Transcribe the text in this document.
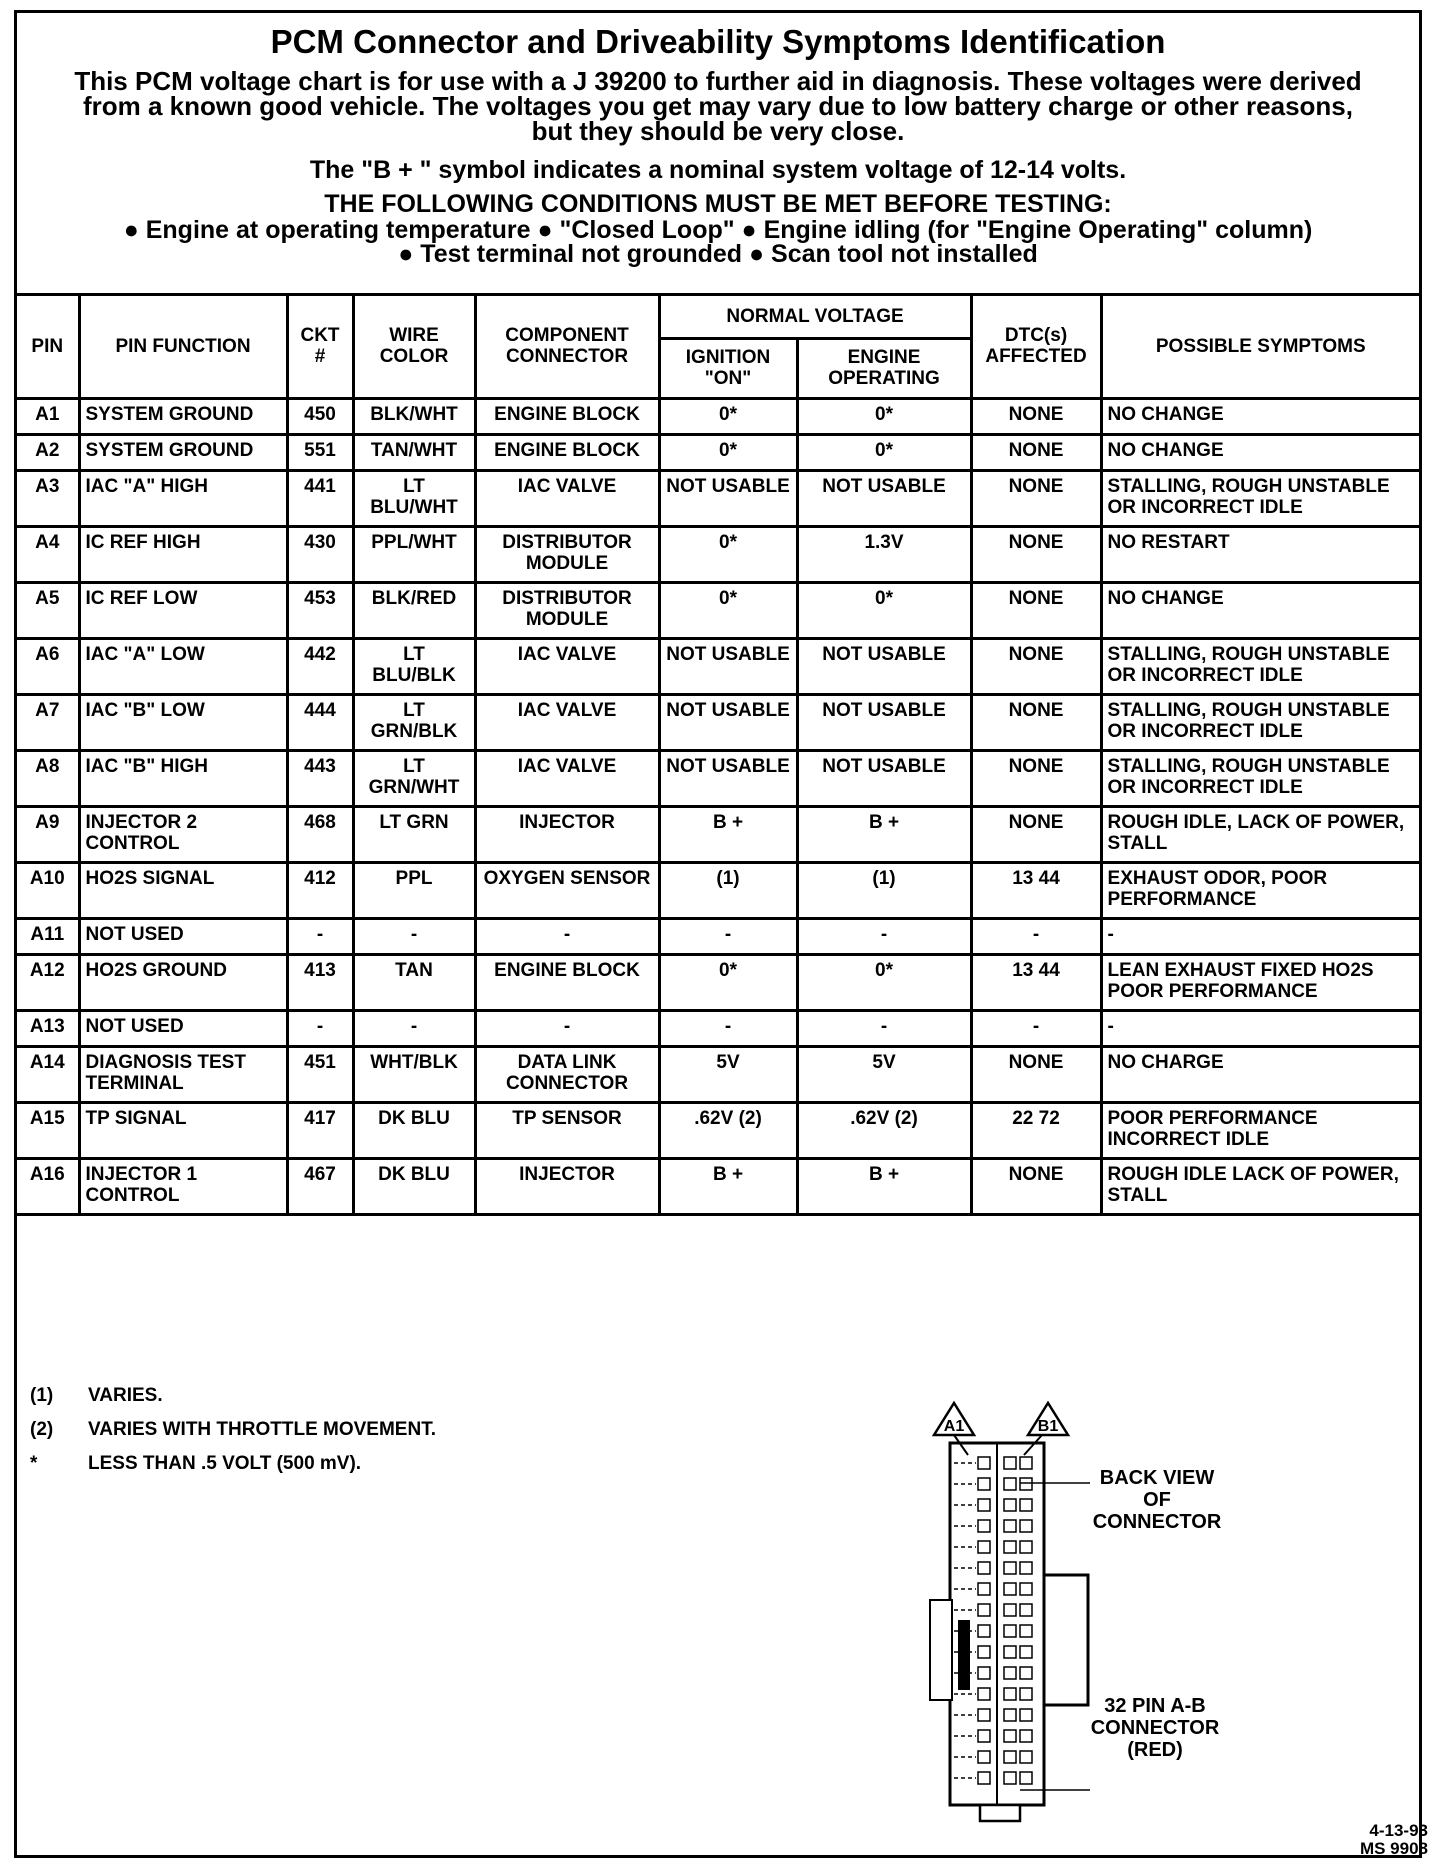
PCM Connector and Driveability Symptoms Identification
This PCM voltage chart is for use with a J 39200 to further aid in diagnosis. These voltages were derived
from a known good vehicle. The voltages you get may vary due to low battery charge or other reasons,
but they should be very close.
The "B + " symbol indicates a nominal system voltage of 12-14 volts.
THE FOLLOWING CONDITIONS MUST BE MET BEFORE TESTING:
● Engine at operating temperature ● "Closed Loop" ● Engine idling (for "Engine Operating" column)
● Test terminal not grounded ● Scan tool not installed
PIN	PIN FUNCTION	CKT #	WIRE COLOR	COMPONENT CONNECTOR	NORMAL VOLTAGE		DTC(s) AFFECTED	POSSIBLE SYMPTOMS
					IGNITION "ON"	ENGINE OPERATING		
A1	SYSTEM GROUND	450	BLK/WHT	ENGINE BLOCK	0*	0*	NONE	NO CHANGE
A2	SYSTEM GROUND	551	TAN/WHT	ENGINE BLOCK	0*	0*	NONE	NO CHANGE
A3	IAC "A" HIGH	441	LT BLU/WHT	IAC VALVE	NOT USABLE	NOT USABLE	NONE	STALLING, ROUGH UNSTABLE OR INCORRECT IDLE
A4	IC REF HIGH	430	PPL/WHT	DISTRIBUTOR MODULE	0*	1.3V	NONE	NO RESTART
A5	IC REF LOW	453	BLK/RED	DISTRIBUTOR MODULE	0*	0*	NONE	NO CHANGE
A6	IAC "A" LOW	442	LT BLU/BLK	IAC VALVE	NOT USABLE	NOT USABLE	NONE	STALLING, ROUGH UNSTABLE OR INCORRECT IDLE
A7	IAC "B" LOW	444	LT GRN/BLK	IAC VALVE	NOT USABLE	NOT USABLE	NONE	STALLING, ROUGH UNSTABLE OR INCORRECT IDLE
A8	IAC "B" HIGH	443	LT GRN/WHT	IAC VALVE	NOT USABLE	NOT USABLE	NONE	STALLING, ROUGH UNSTABLE OR INCORRECT IDLE
A9	INJECTOR 2 CONTROL	468	LT GRN	INJECTOR	B +	B +	NONE	ROUGH IDLE, LACK OF POWER, STALL
A10	HO2S SIGNAL	412	PPL	OXYGEN SENSOR	(1)	(1)	13 44	EXHAUST ODOR, POOR PERFORMANCE
A11	NOT USED	-	-	-	-	-	-	-
A12	HO2S GROUND	413	TAN	ENGINE BLOCK	0*	0*	13 44	LEAN EXHAUST FIXED HO2S POOR PERFORMANCE
A13	NOT USED	-	-	-	-	-	-	-
A14	DIAGNOSIS TEST TERMINAL	451	WHT/BLK	DATA LINK CONNECTOR	5V	5V	NONE	NO CHARGE
A15	TP SIGNAL	417	DK BLU	TP SENSOR	.62V (2)	.62V (2)	22 72	POOR PERFORMANCE INCORRECT IDLE
A16	INJECTOR 1 CONTROL	467	DK BLU	INJECTOR	B +	B +	NONE	ROUGH IDLE LACK OF POWER, STALL
(1)	VARIES.
(2)	VARIES WITH THROTTLE MOVEMENT.
*	LESS THAN .5 VOLT (500 mV).
A1	B1
BACK VIEW OF CONNECTOR
32 PIN A-B CONNECTOR (RED)
4-13-93
MS 9908
